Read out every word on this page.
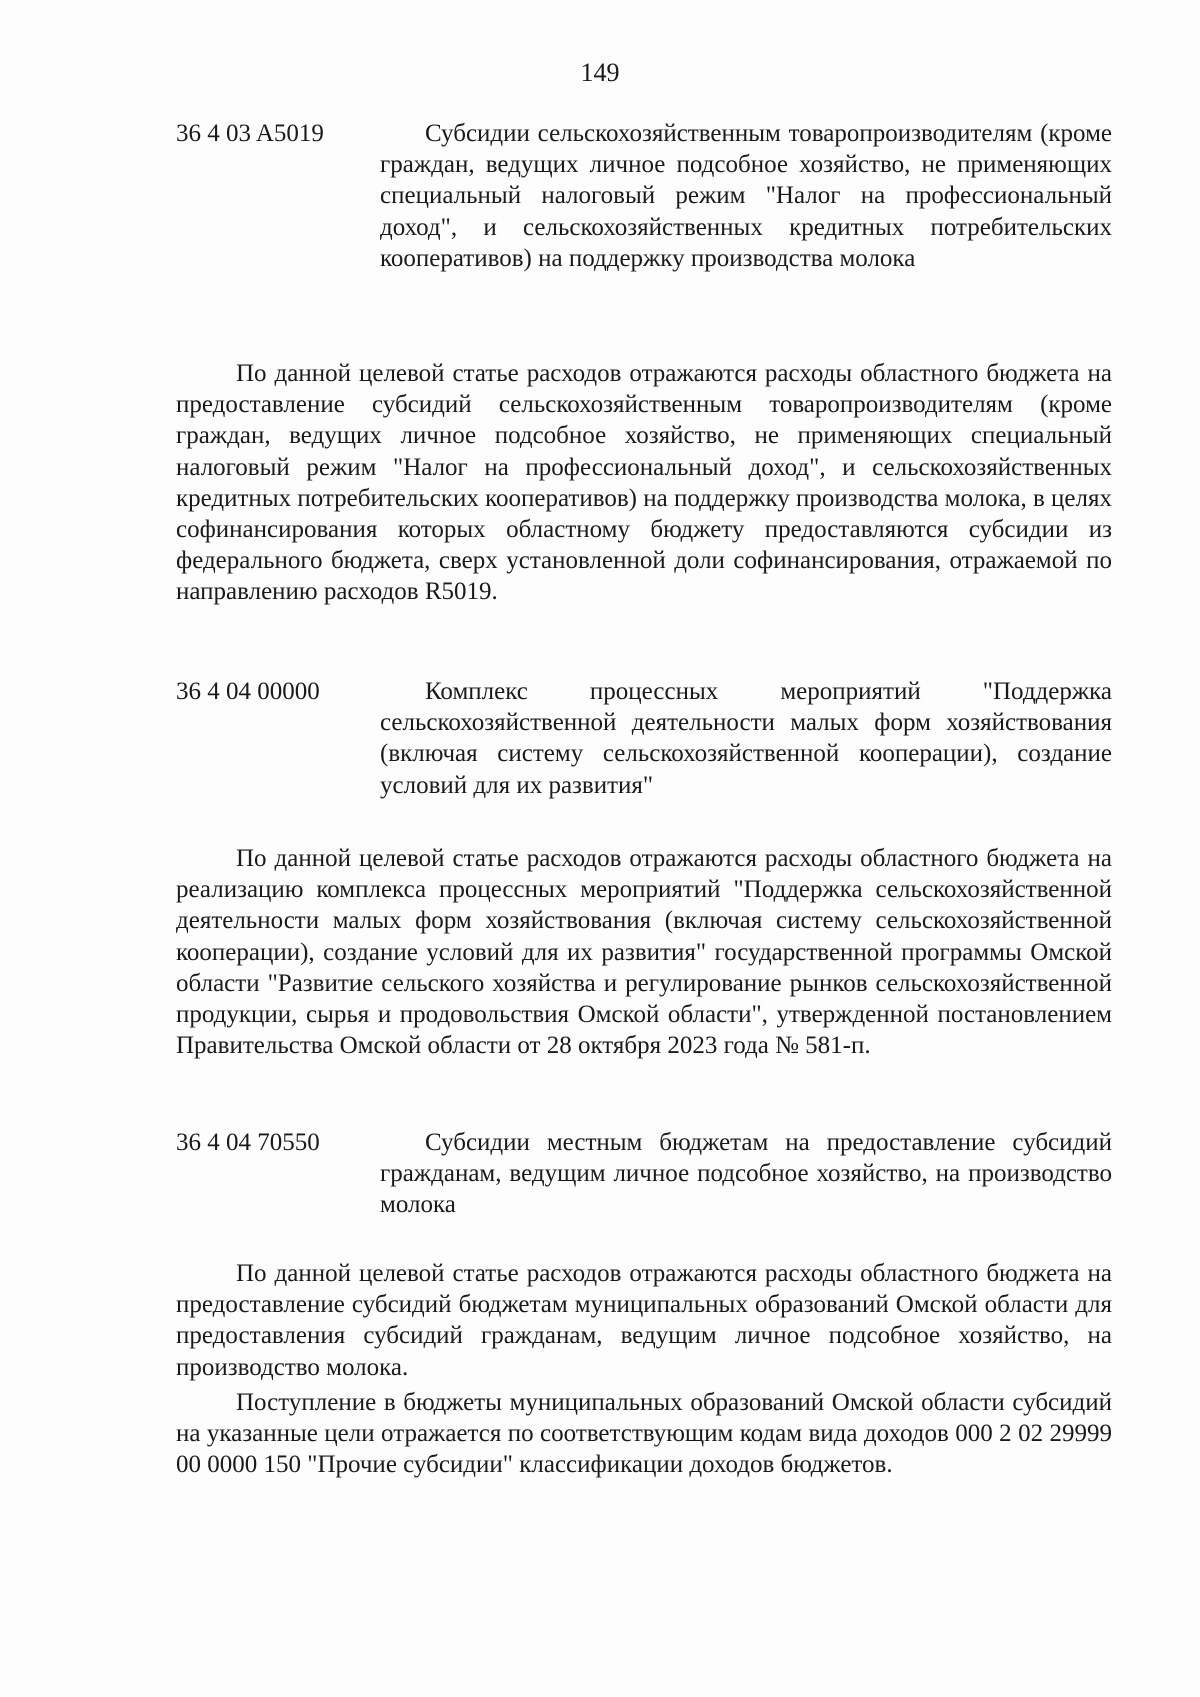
149
36 4 03 A5019	Субсидии сельскохозяйственным товаропроизводителям (кроме граждан, ведущих личное подсобное хозяйство, не применяющих специальный налоговый режим "Налог на профессиональный доход", и сельскохозяйственных кредитных потребительских кооперативов) на поддержку производства молока

По данной целевой статье расходов отражаются расходы областного бюджета на предоставление субсидий сельскохозяйственным товаропроизводителям (кроме граждан, ведущих личное подсобное хозяйство, не применяющих специальный налоговый режим "Налог на профессиональный доход", и сельскохозяйственных кредитных потребительских кооперативов) на поддержку производства молока, в целях софинансирования которых областному бюджету предоставляются субсидии из федерального бюджета, сверх установленной доли софинансирования, отражаемой по направлению расходов R5019.

36 4 04 00000	Комплекс процессных мероприятий "Поддержка сельскохозяйственной деятельности малых форм хозяйствования (включая систему сельскохозяйственной кооперации), создание условий для их развития"

По данной целевой статье расходов отражаются расходы областного бюджета на реализацию комплекса процессных мероприятий "Поддержка сельскохозяйственной деятельности малых форм хозяйствования (включая систему сельскохозяйственной кооперации), создание условий для их развития" государственной программы Омской области "Развитие сельского хозяйства и регулирование рынков сельскохозяйственной продукции, сырья и продовольствия Омской области", утвержденной постановлением Правительства Омской области от 28 октября 2023 года № 581-п.

36 4 04 70550	Субсидии местным бюджетам на предоставление субсидий гражданам, ведущим личное подсобное хозяйство, на производство молока

По данной целевой статье расходов отражаются расходы областного бюджета на предоставление субсидий бюджетам муниципальных образований Омской области для предоставления субсидий гражданам, ведущим личное подсобное хозяйство, на производство молока.

Поступление в бюджеты муниципальных образований Омской области субсидий на указанные цели отражается по соответствующим кодам вида доходов 000 2 02 29999 00 0000 150 "Прочие субсидии" классификации доходов бюджетов.
